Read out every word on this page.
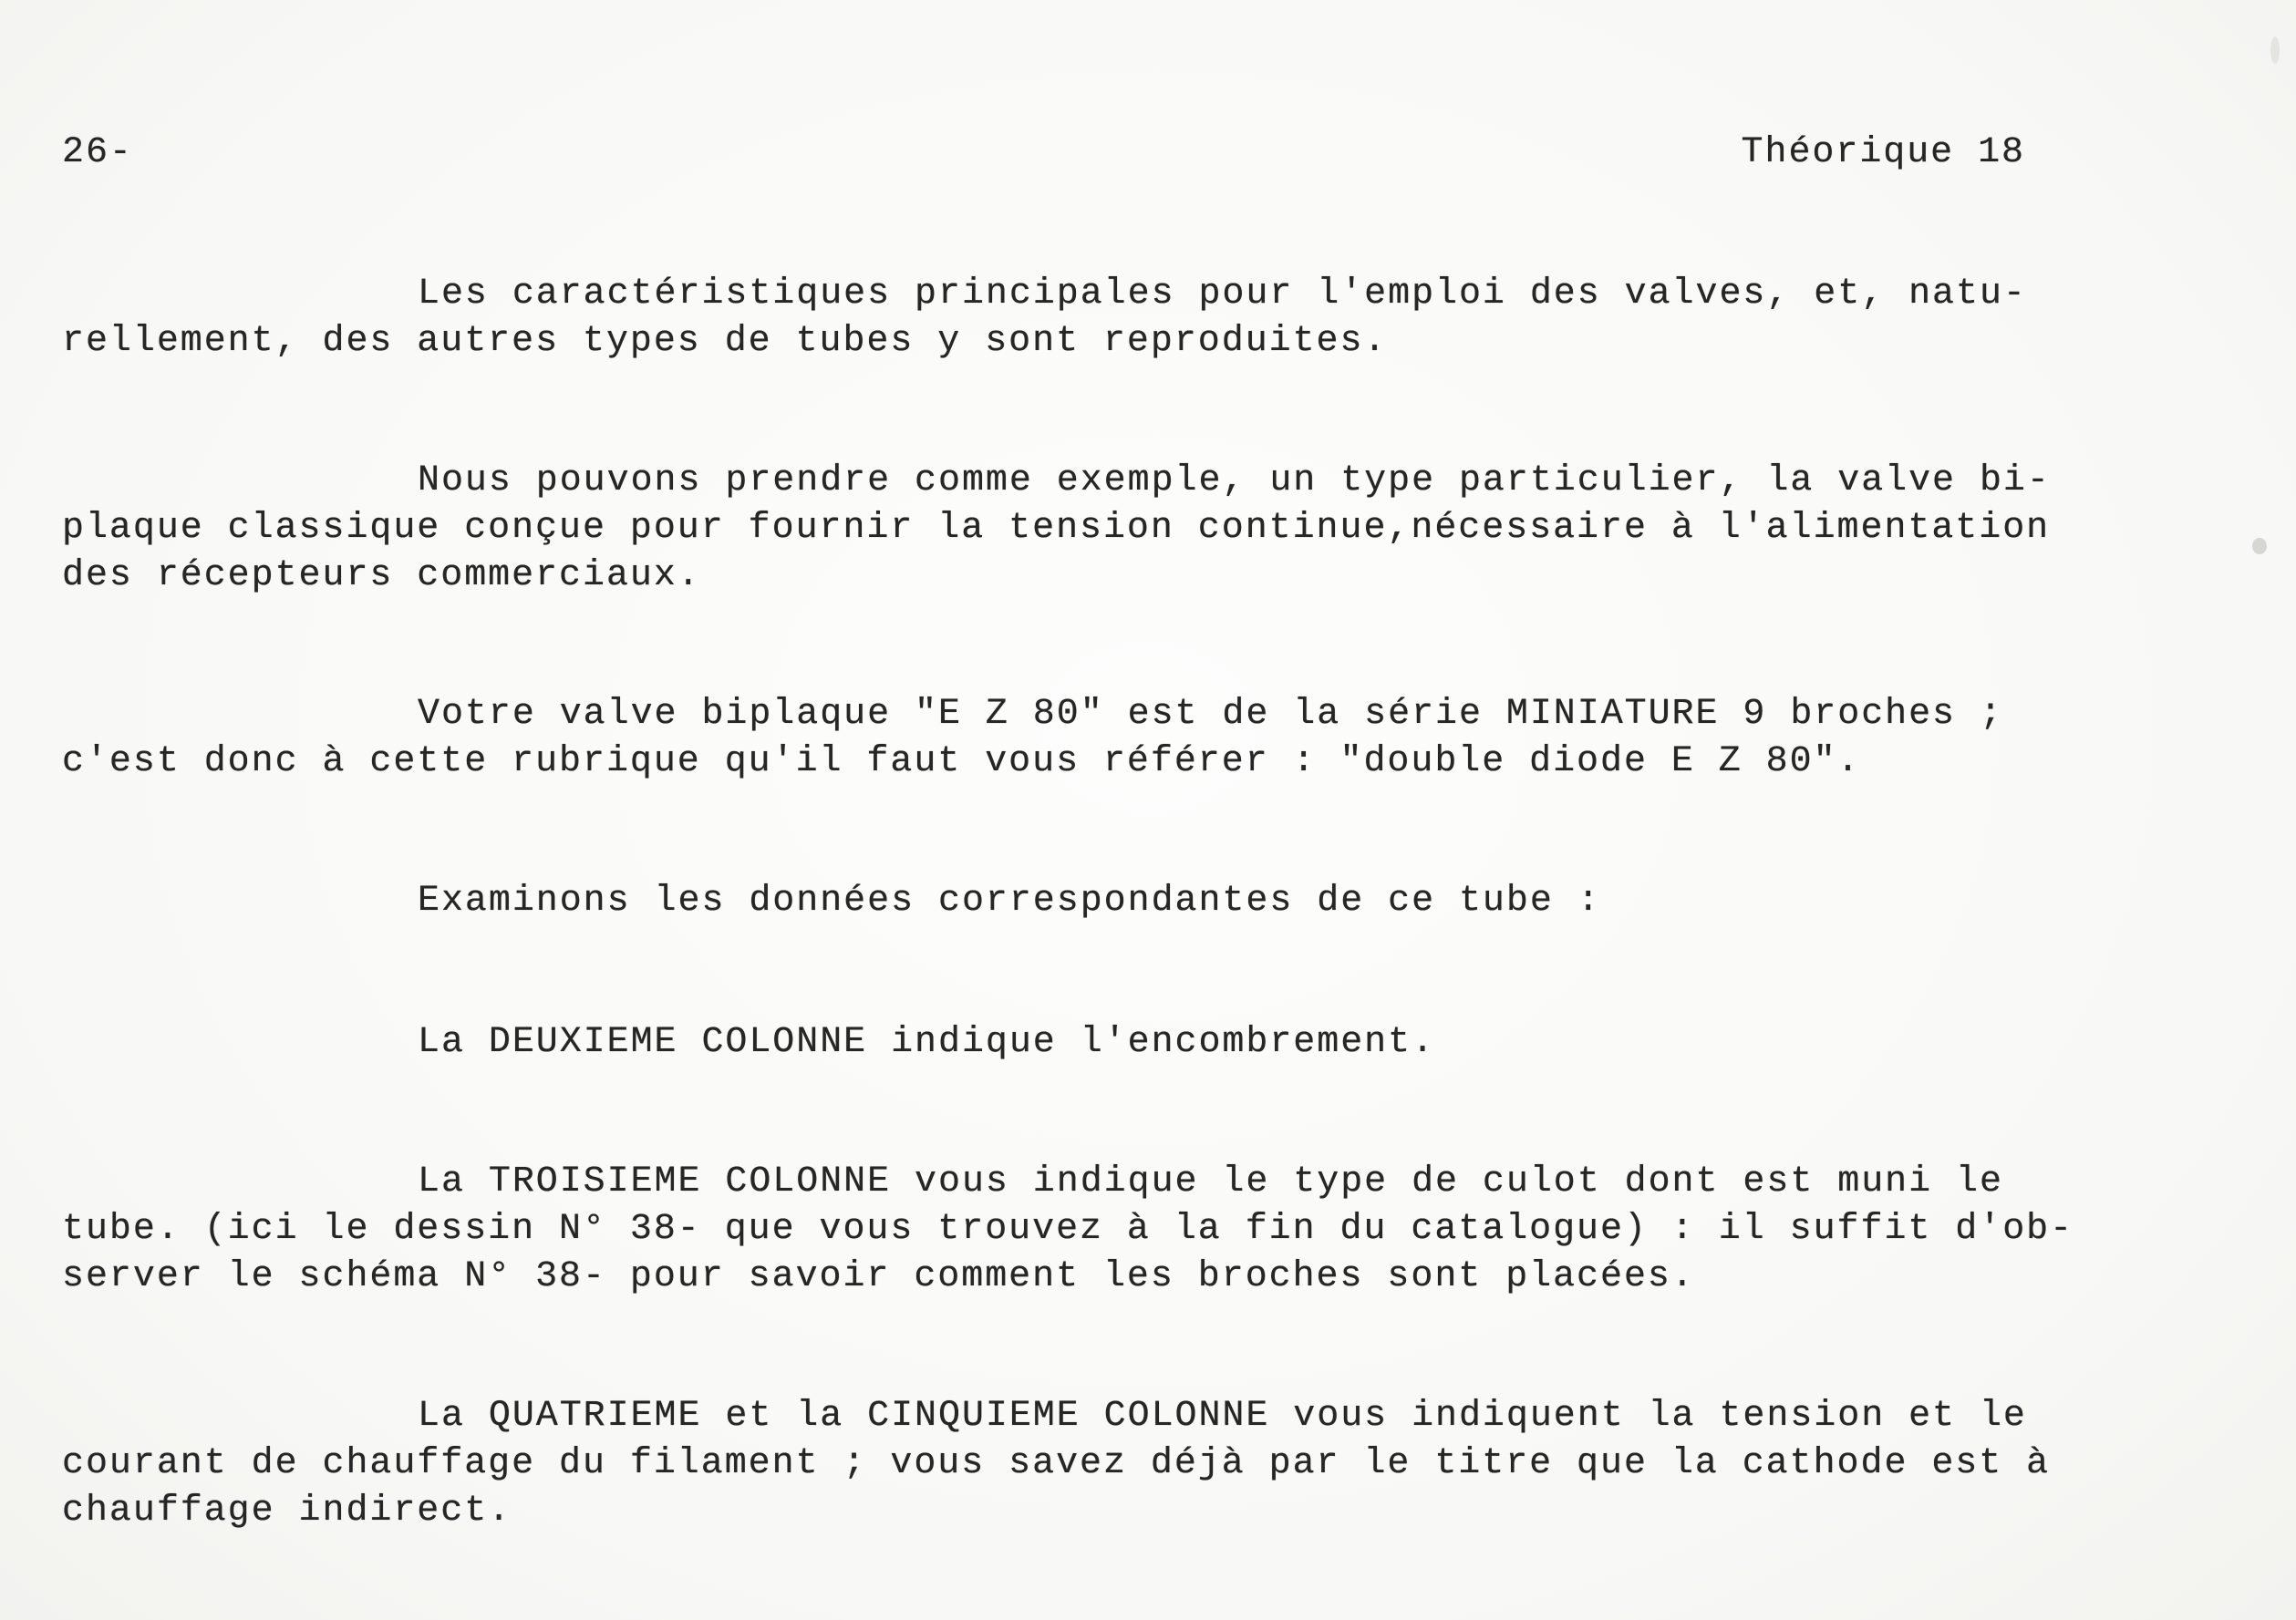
26-	Théorique 18
Les caractéristiques principales pour l'emploi des valves, et, natu-
rellement, des autres types de tubes y sont reproduites.
Nous pouvons prendre comme exemple, un type particulier, la valve bi-
plaque classique conçue pour fournir la tension continue,nécessaire à l'alimentation
des récepteurs commerciaux.
Votre valve biplaque "E Z 80" est de la série MINIATURE 9 broches ;
c'est donc à cette rubrique qu'il faut vous référer : "double diode E Z 80".
Examinons les données correspondantes de ce tube :
La DEUXIEME COLONNE indique l'encombrement.
La TROISIEME COLONNE vous indique le type de culot dont est muni le
tube. (ici le dessin N° 38- que vous trouvez à la fin du catalogue) : il suffit d'ob-
server le schéma N° 38- pour savoir comment les broches sont placées.
La QUATRIEME et la CINQUIEME COLONNE vous indiquent la tension et le
courant de chauffage du filament ; vous savez déjà par le titre que la cathode est à
chauffage indirect.
